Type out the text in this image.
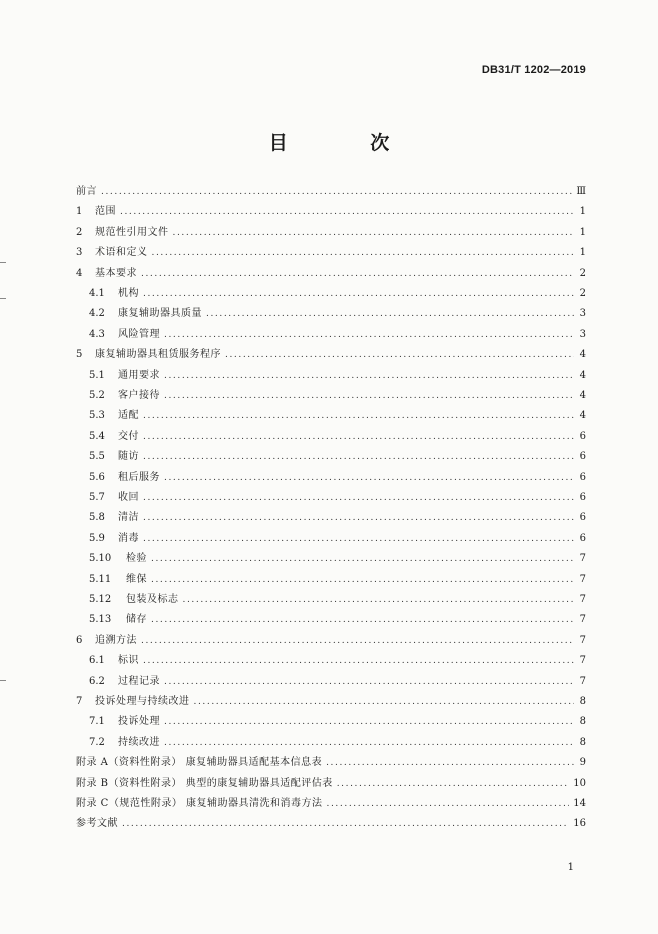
DB31/T 1202—2019
目 次
前言 .....	Ⅲ
1	范围 .....	1
2	规范性引用文件 .....	1
3	术语和定义 .....	1
4	基本要求 .....	2
4.1	机构 .....	2
4.2	康复辅助器具质量 .....	3
4.3	风险管理 .....	3
5	康复辅助器具租赁服务程序 .....	4
5.1	通用要求 .....	4
5.2	客户接待 .....	4
5.3	适配 .....	4
5.4	交付 .....	6
5.5	随访 .....	6
5.6	租后服务 .....	6
5.7	收回 .....	6
5.8	清洁 .....	6
5.9	消毒 .....	6
5.10	检验 .....	7
5.11	维保 .....	7
5.12	包装及标志 .....	7
5.13	储存 .....	7
6	追溯方法 .....	7
6.1	标识 .....	7
6.2	过程记录 .....	7
7	投诉处理与持续改进 .....	8
7.1	投诉处理 .....	8
7.2	持续改进 .....	8
附录 A（资料性附录） 康复辅助器具适配基本信息表 .....	9
附录 B（资料性附录） 典型的康复辅助器具适配评估表 .....	10
附录 C（规范性附录） 康复辅助器具清洗和消毒方法 .....	14
参考文献 .....	16
1
